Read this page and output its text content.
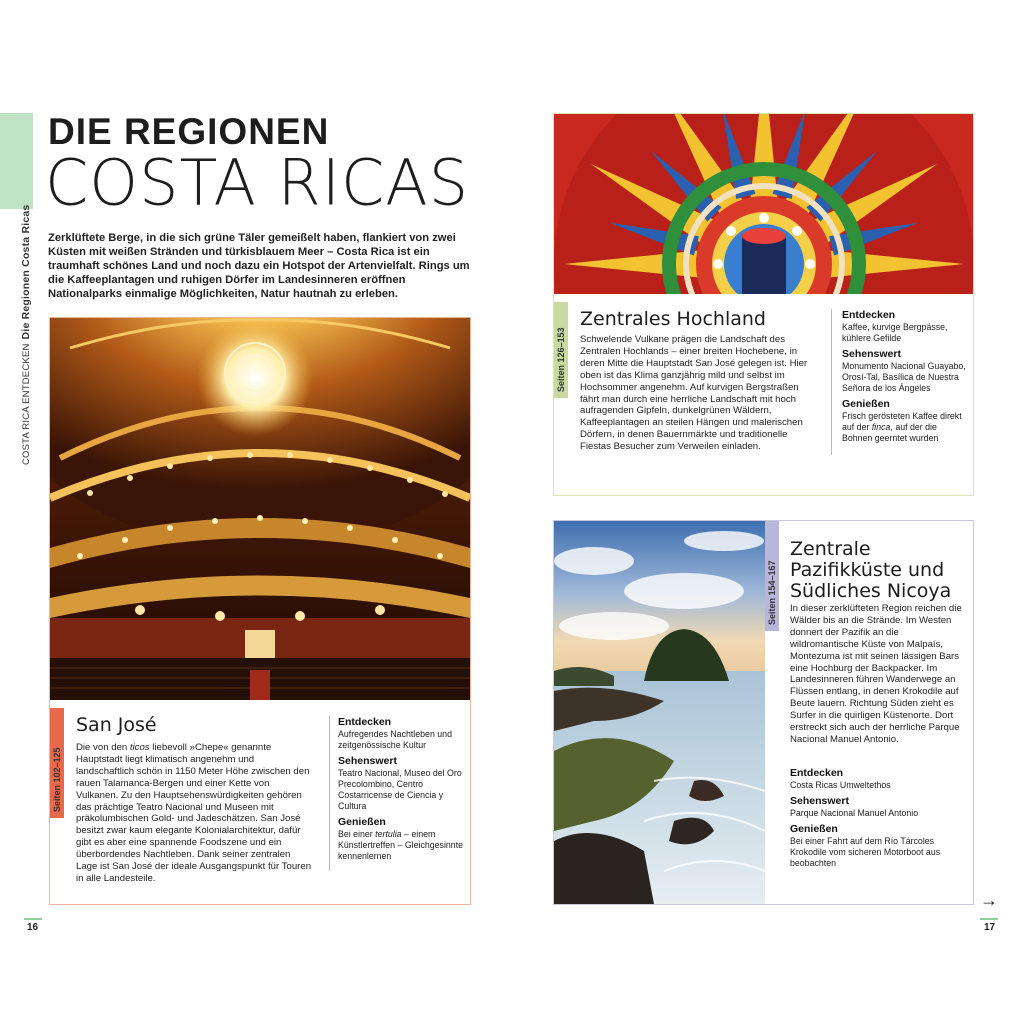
COSTA RICA ENTDECKENDie Regionen Costa Ricas
DIE REGIONEN
COSTA RICAS
Zerklüftete Berge, in die sich grüne Täler gemeißelt haben, flankiert von zwei Küsten mit weißen Stränden und türkisblauem Meer – Costa Rica ist ein traumhaft schönes Land und noch dazu ein Hotspot der Artenvielfalt. Rings um die Kaffeeplantagen und ruhigen Dörfer im Landesinneren eröffnen Nationalparks einmalige Möglichkeiten, Natur hautnah zu erleben.
Seiten 102–125
San José
Die von den ticos liebevoll »Chepe« genannte Hauptstadt liegt klimatisch angenehm und landschaftlich schön in 1150 Meter Höhe zwischen den rauen Talamanca-Bergen und einer Kette von Vulkanen. Zu den Hauptsehenswürdigkeiten gehören das prächtige Teatro Nacional und Museen mit präkolumbischen Gold- und Jadeschätzen. San José besitzt zwar kaum elegante Kolonialarchitektur, dafür gibt es aber eine spannende Foodszene und ein überbordendes Nachtleben. Dank seiner zentralen Lage ist San José der ideale Ausgangspunkt für Touren in alle Landesteile.
Entdecken
Aufregendes Nachtleben und zeitgenössische Kultur
Sehenswert
Teatro Nacional, Museo del Oro Precolombino, Centro Costarricense de Ciencia y Cultura
Genießen
Bei einer tertulia – einem Künstlertreffen – Gleichgesinnte kennenlernen
Seiten 126–153
Zentrales Hochland
Schwelende Vulkane prägen die Landschaft des Zentralen Hochlands – einer breiten Hochebene, in deren Mitte die Hauptstadt San José gelegen ist. Hier oben ist das Klima ganzjährig mild und selbst im Hochsommer angenehm. Auf kurvigen Bergstraßen fährt man durch eine herrliche Landschaft mit hoch aufragenden Gipfeln, dunkelgrünen Wäldern, Kaffeeplantagen an steilen Hängen und malerischen Dörfern, in denen Bauernmärkte und traditionelle Fiestas Besucher zum Verweilen einladen.
Entdecken
Kaffee, kurvige Bergpässe, kühlere Gefilde
Sehenswert
Monumento Nacional Guayabo, Orosí-Tal, Basílica de Nuestra Señora de los Ángeles
Genießen
Frisch gerösteten Kaffee direkt auf der finca, auf der die Bohnen geerntet wurden
Seiten 154–167
Zentrale
Pazifikküste und
Südliches Nicoya
In dieser zerklüfteten Region reichen die Wälder bis an die Strände. Im Westen donnert der Pazifik an die wildromantische Küste von Malpaís, Montezuma ist mit seinen lässigen Bars eine Hochburg der Backpacker. Im Landesinneren führen Wanderwege an Flüssen entlang, in denen Krokodile auf Beute lauern. Richtung Süden zieht es Surfer in die quirligen Küstenorte. Dort erstreckt sich auch der herrliche Parque Nacional Manuel Antonio.
Entdecken
Costa Ricas Umweltethos
Sehenswert
Parque Nacional Manuel Antonio
Genießen
Bei einer Fahrt auf dem Río Tárcoles Krokodile vom sicheren Motorboot aus beobachten
16	17
→
